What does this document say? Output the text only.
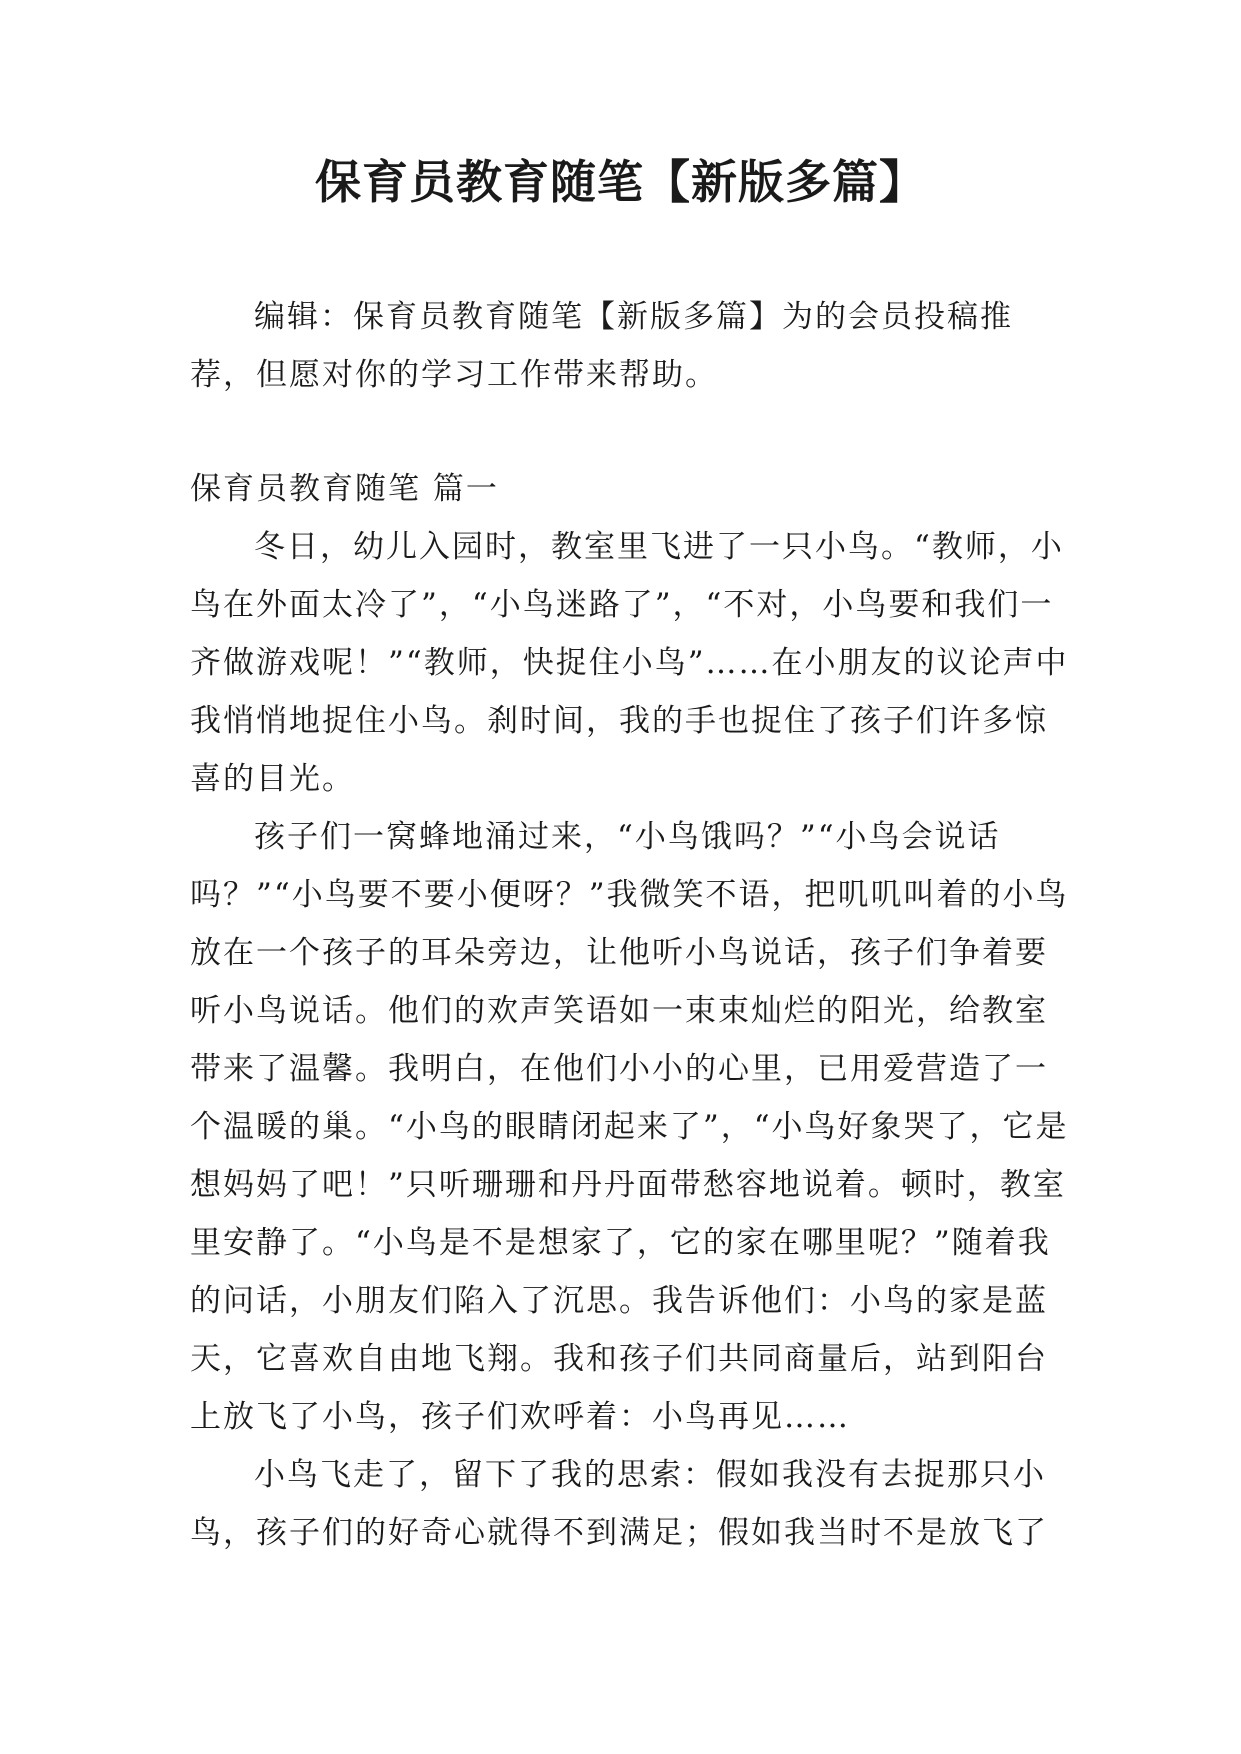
保育员教育随笔【新版多篇】

编辑：保育员教育随笔【新版多篇】为的会员投稿推荐，但愿对你的学习工作带来帮助。

保育员教育随笔 篇一

冬日，幼儿入园时，教室里飞进了一只小鸟。“教师，小鸟在外面太冷了”，“小鸟迷路了”，“不对，小鸟要和我们一齐做游戏呢！”“教师，快捉住小鸟”……在小朋友的议论声中我悄悄地捉住小鸟。刹时间，我的手也捉住了孩子们许多惊喜的目光。

孩子们一窝蜂地涌过来，“小鸟饿吗？”“小鸟会说话吗？”“小鸟要不要小便呀？”我微笑不语，把叽叽叫着的小鸟放在一个孩子的耳朵旁边，让他听小鸟说话，孩子们争着要听小鸟说话。他们的欢声笑语如一束束灿烂的阳光，给教室带来了温馨。我明白，在他们小小的心里，已用爱营造了一个温暖的巢。“小鸟的眼睛闭起来了”，“小鸟好象哭了，它是想妈妈了吧！”只听珊珊和丹丹面带愁容地说着。顿时，教室里安静了。“小鸟是不是想家了，它的家在哪里呢？”随着我的问话，小朋友们陷入了沉思。我告诉他们：小鸟的家是蓝天，它喜欢自由地飞翔。我和孩子们共同商量后，站到阳台上放飞了小鸟，孩子们欢呼着：小鸟再见……

小鸟飞走了，留下了我的思索：假如我没有去捉那只小鸟，孩子们的好奇心就得不到满足；假如我当时不是放飞了
